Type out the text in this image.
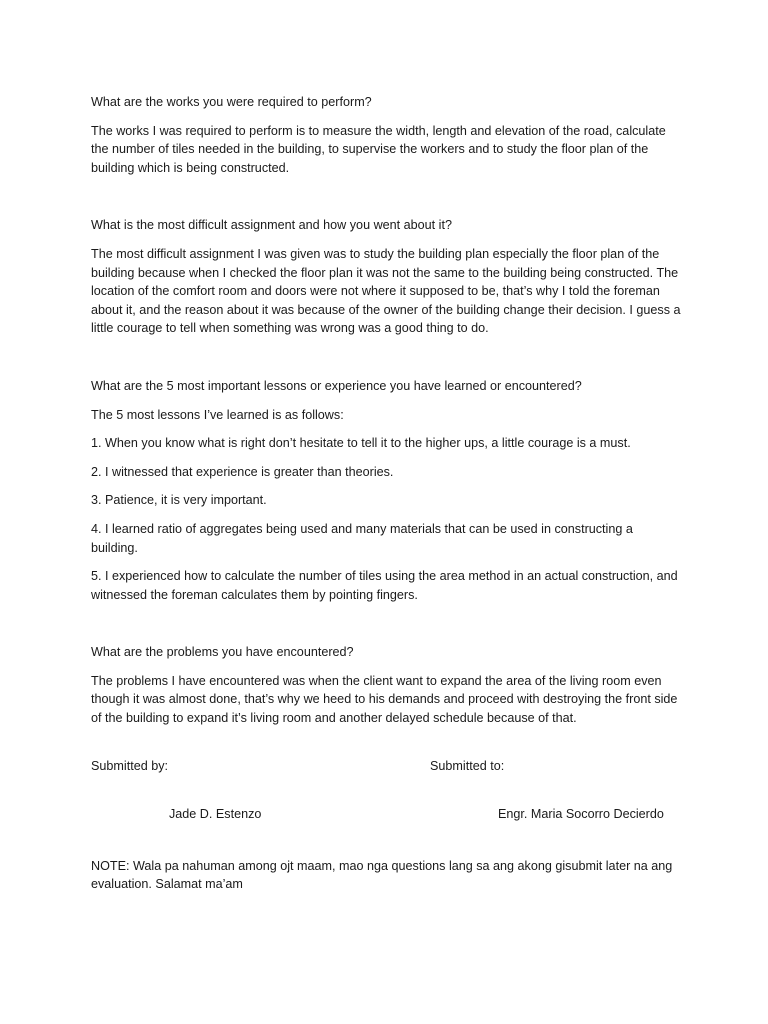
What are the works you were required to perform?

The works I was required to perform is to measure the width, length and elevation of the road, calculate the number of tiles needed in the building, to supervise the workers and to study the floor plan of the building which is being constructed.

What is the most difficult assignment and how you went about it?

The most difficult assignment I was given was to study the building plan especially the floor plan of the building because when I checked the floor plan it was not the same to the building being constructed. The location of the comfort room and doors were not where it supposed to be, that’s why I told the foreman about it, and the reason about it was because of the owner of the building change their decision. I guess a little courage to tell when something was wrong was a good thing to do.

What are the 5 most important lessons or experience you have learned or encountered?

The 5 most lessons I’ve learned is as follows:

1. When you know what is right don’t hesitate to tell it to the higher ups, a little courage is a must.

2. I witnessed that experience is greater than theories.

3. Patience, it is very important.

4. I learned ratio of aggregates being used and many materials that can be used in constructing a building.

5. I experienced how to calculate the number of tiles using the area method in an actual construction, and witnessed the foreman calculates them by pointing fingers.

What are the problems you have encountered?

The problems I have encountered was when the client want to expand the area of the living room even though it was almost done, that’s why we heed to his demands and proceed with destroying the front side of the building to expand it’s living room and another delayed schedule because of that.

Submitted by:	Submitted to:
Jade D. Estenzo	Engr. Maria Socorro Decierdo

NOTE: Wala pa nahuman among ojt maam, mao nga questions lang sa ang akong gisubmit later na ang evaluation. Salamat ma’am
